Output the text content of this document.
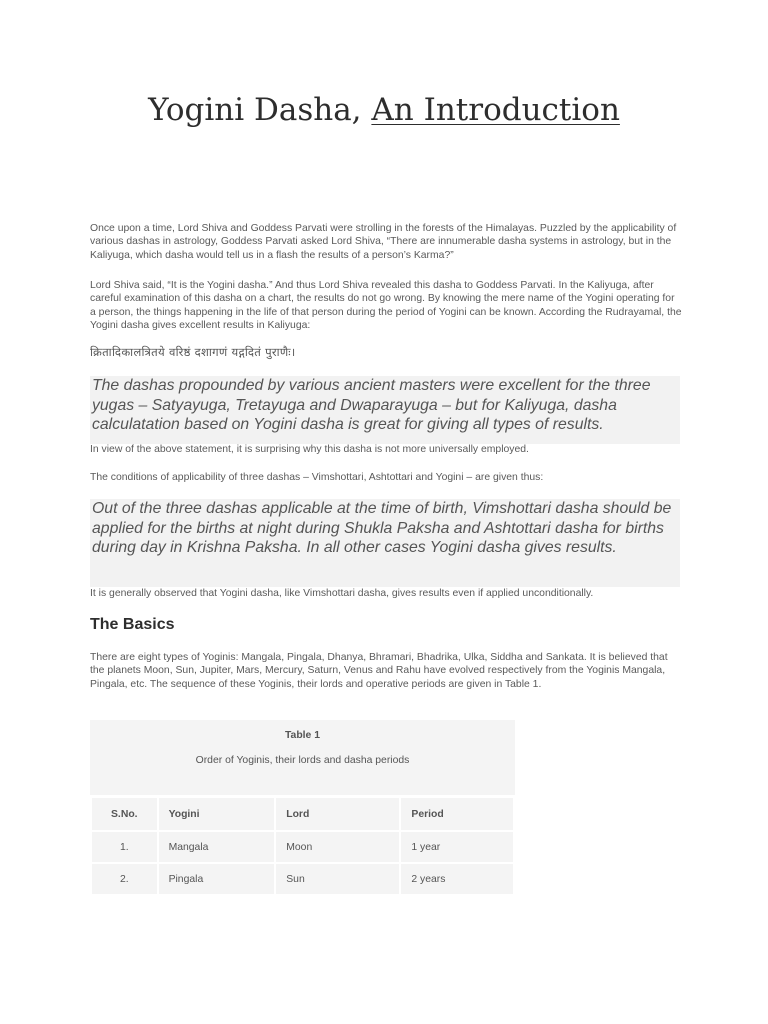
Yogini Dasha, An Introduction

Once upon a time, Lord Shiva and Goddess Parvati were strolling in the forests of the Himalayas. Puzzled by the applicability of various dashas in astrology, Goddess Parvati asked Lord Shiva, “There are innumerable dasha systems in astrology, but in the Kaliyuga, which dasha would tell us in a flash the results of a person’s Karma?”

Lord Shiva said, “It is the Yogini dasha.” And thus Lord Shiva revealed this dasha to Goddess Parvati. In the Kaliyuga, after careful examination of this dasha on a chart, the results do not go wrong. By knowing the mere name of the Yogini operating for a person, the things happening in the life of that person during the period of Yogini can be known. According the Rudrayamal, the Yogini dasha gives excellent results in Kaliyuga:

क्रितादिकालत्रितये वरिष्ठं दशागणं यद्गदितं पुराणैः।
The dashas propounded by various ancient masters were excellent for the three yugas – Satyayuga, Tretayuga and Dwaparayuga – but for Kaliyuga, dasha calculatation based on Yogini dasha is great for giving all types of results.
In view of the above statement, it is surprising why this dasha is not more universally employed.
The conditions of applicability of three dashas – Vimshottari, Ashtottari and Yogini – are given thus:
Out of the three dashas applicable at the time of birth, Vimshottari dasha should be applied for the births at night during Shukla Paksha and Ashtottari dasha for births during day in Krishna Paksha. In all other cases Yogini dasha gives results.
It is generally observed that Yogini dasha, like Vimshottari dasha, gives results even if applied unconditionally.
The Basics

There are eight types of Yoginis: Mangala, Pingala, Dhanya, Bhramari, Bhadrika, Ulka, Siddha and Sankata. It is believed that the planets Moon, Sun, Jupiter, Mars, Mercury, Saturn, Venus and Rahu have evolved respectively from the Yoginis Mangala, Pingala, etc. The sequence of these Yoginis, their lords and operative periods are given in Table 1.

Table 1
Order of Yoginis, their lords and dasha periods
S.No.	Yogini	Lord	Period
1.	Mangala	Moon	1 year
2.	Pingala	Sun	2 years
